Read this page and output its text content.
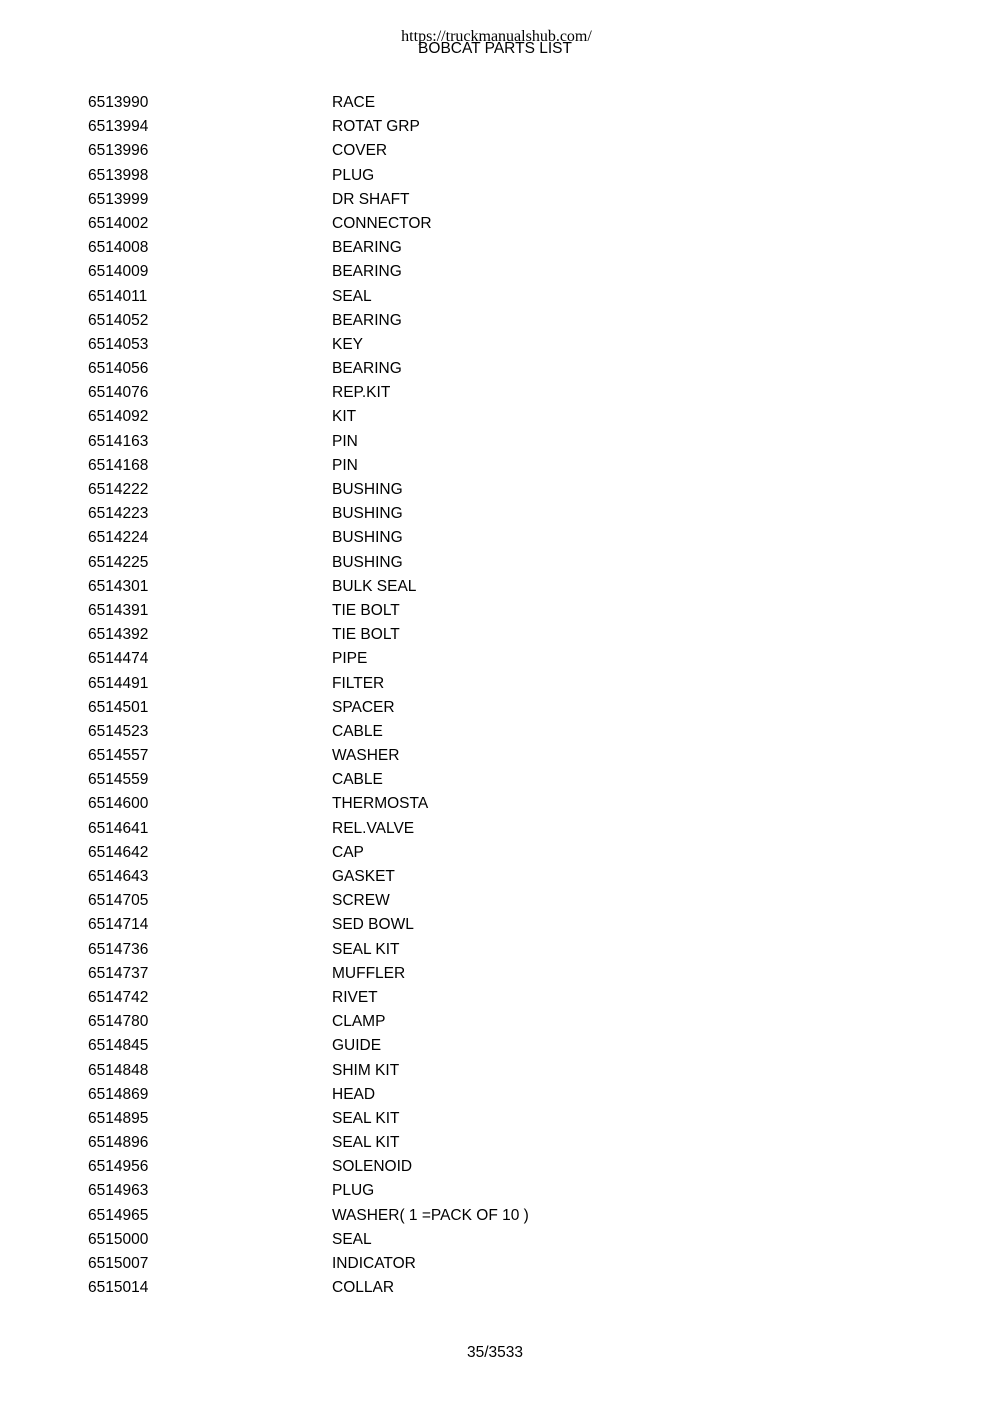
https://truckmanualshub.com/
BOBCAT PARTS LIST
6513990	RACE
6513994	ROTAT GRP
6513996	COVER
6513998	PLUG
6513999	DR SHAFT
6514002	CONNECTOR
6514008	BEARING
6514009	BEARING
6514011	SEAL
6514052	BEARING
6514053	KEY
6514056	BEARING
6514076	REP.KIT
6514092	KIT
6514163	PIN
6514168	PIN
6514222	BUSHING
6514223	BUSHING
6514224	BUSHING
6514225	BUSHING
6514301	BULK SEAL
6514391	TIE BOLT
6514392	TIE BOLT
6514474	PIPE
6514491	FILTER
6514501	SPACER
6514523	CABLE
6514557	WASHER
6514559	CABLE
6514600	THERMOSTA
6514641	REL.VALVE
6514642	CAP
6514643	GASKET
6514705	SCREW
6514714	SED BOWL
6514736	SEAL KIT
6514737	MUFFLER
6514742	RIVET
6514780	CLAMP
6514845	GUIDE
6514848	SHIM KIT
6514869	HEAD
6514895	SEAL KIT
6514896	SEAL KIT
6514956	SOLENOID
6514963	PLUG
6514965	WASHER( 1 =PACK OF 10 )
6515000	SEAL
6515007	INDICATOR
6515014	COLLAR
35/3533
